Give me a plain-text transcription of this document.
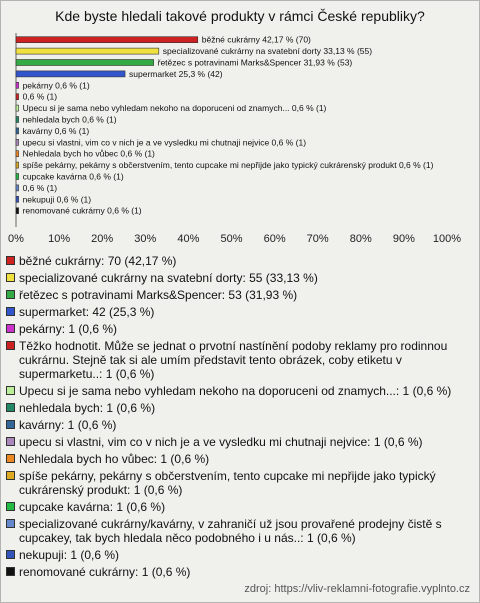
Kde byste hledali takové produkty v rámci České republiky?
běžné cukrárny 42,17 % (70)
specializované cukrárny na svatební dorty 33,13 % (55)
řetězec s potravinami Marks&Spencer 31,93 % (53)
supermarket 25,3 % (42)
pekárny 0,6 % (1)
0,6 % (1)
Upecu si je sama nebo vyhledam nekoho na doporuceni od znamych... 0,6 % (1)
nehledala bych 0,6 % (1)
kavárny 0,6 % (1)
upecu si vlastni, vim co v nich je a ve vysledku mi chutnaji nejvice 0,6 % (1)
Nehledala bych ho vůbec 0,6 % (1)
spíše pekárny, pekárny s občerstvením, tento cupcake mi nepřijde jako typický cukrárenský produkt 0,6 % (1)
cupcake kavárna 0,6 % (1)
0,6 % (1)
nekupuji 0,6 % (1)
renomované cukrárny 0,6 % (1)
0% 10% 20% 30% 40% 50% 60% 70% 80% 90% 100%
běžné cukrárny: 70 (42,17 %)
specializované cukrárny na svatební dorty: 55 (33,13 %)
řetězec s potravinami Marks&Spencer: 53 (31,93 %)
supermarket: 42 (25,3 %)
pekárny: 1 (0,6 %)
Těžko hodnotit. Může se jednat o prvotní nastínění podoby reklamy pro rodinnou cukrárnu. Stejně tak si ale umím představit tento obrázek, coby etiketu v supermarketu..: 1 (0,6 %)
Upecu si je sama nebo vyhledam nekoho na doporuceni od znamych...: 1 (0,6 %)
nehledala bych: 1 (0,6 %)
kavárny: 1 (0,6 %)
upecu si vlastni, vim co v nich je a ve vysledku mi chutnaji nejvice: 1 (0,6 %)
Nehledala bych ho vůbec: 1 (0,6 %)
spíše pekárny, pekárny s občerstvením, tento cupcake mi nepřijde jako typický cukrárenský produkt: 1 (0,6 %)
cupcake kavárna: 1 (0,6 %)
specializované cukrárny/kavárny, v zahraničí už jsou provařené prodejny čistě s cupcakey, tak bych hledala něco podobného i u nás..: 1 (0,6 %)
nekupuji: 1 (0,6 %)
renomované cukrárny: 1 (0,6 %)
zdroj: https://vliv-reklamni-fotografie.vyplnto.cz
